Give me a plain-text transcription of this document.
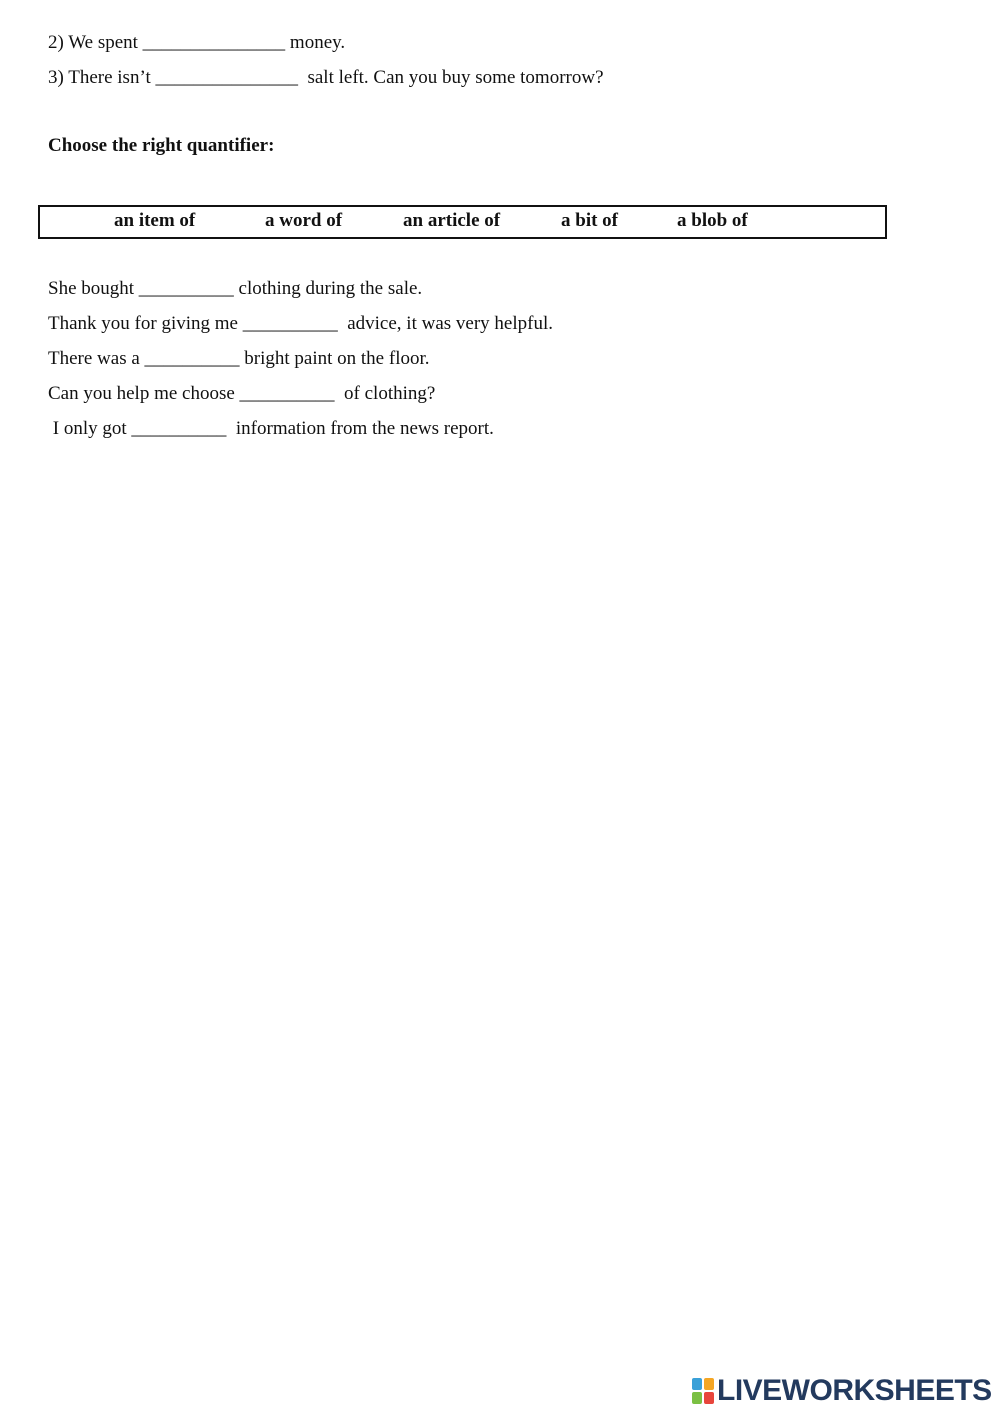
2) We spent _______________ money.
3) There isn’t _______________  salt left. Can you buy some tomorrow?
Choose the right quantifier:
an item of	a word of	an article of	a bit of	a blob of
She bought __________ clothing during the sale.
Thank you for giving me __________  advice, it was very helpful.
There was a __________ bright paint on the floor.
Can you help me choose __________  of clothing?
I only got __________  information from the news report.
LIVEWORKSHEETS
